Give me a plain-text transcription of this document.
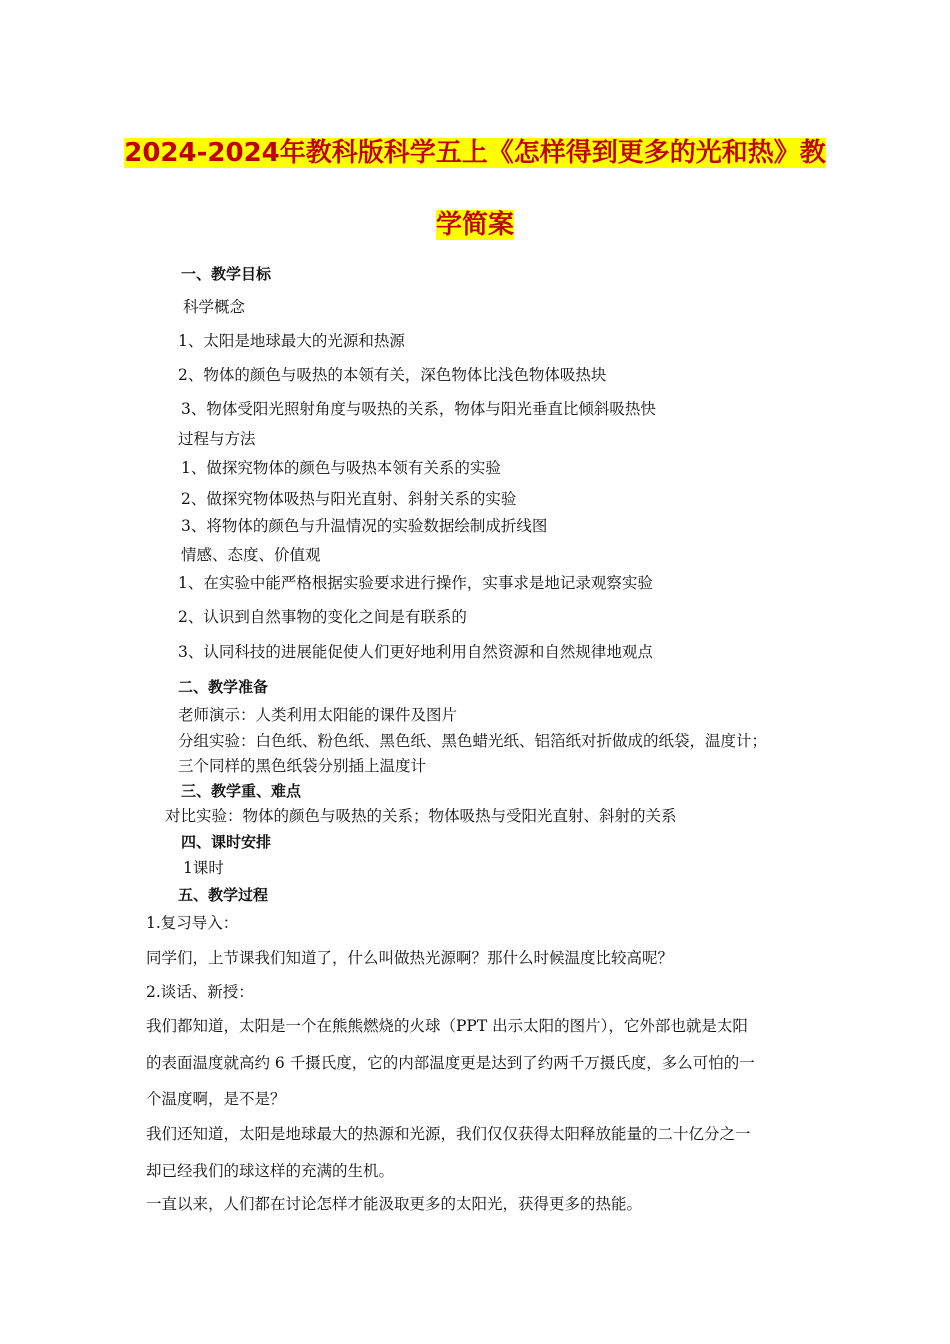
2024-2024年教科版科学五上《怎样得到更多的光和热》教
学简案
一、教学目标
科学概念
1、太阳是地球最大的光源和热源
2、物体的颜色与吸热的本领有关，深色物体比浅色物体吸热块
3、物体受阳光照射角度与吸热的关系，物体与阳光垂直比倾斜吸热快
过程与方法
1、做探究物体的颜色与吸热本领有关系的实验
2、做探究物体吸热与阳光直射、斜射关系的实验
3、将物体的颜色与升温情况的实验数据绘制成折线图
情感、态度、价值观
1、在实验中能严格根据实验要求进行操作，实事求是地记录观察实验
2、认识到自然事物的变化之间是有联系的
3、认同科技的进展能促使人们更好地利用自然资源和自然规律地观点
二、教学准备
老师演示：人类利用太阳能的课件及图片
分组实验：白色纸、粉色纸、黑色纸、黑色蜡光纸、铝箔纸对折做成的纸袋，温度计；
三个同样的黑色纸袋分别插上温度计
三、教学重、难点
对比实验：物体的颜色与吸热的关系；物体吸热与受阳光直射、斜射的关系
四、课时安排
1课时
五、教学过程
1.复习导入：
同学们，上节课我们知道了，什么叫做热光源啊？那什么时候温度比较高呢？
2.谈话、新授：
我们都知道，太阳是一个在熊熊燃烧的火球（PPT 出示太阳的图片），它外部也就是太阳
的表面温度就高约 6 千摄氏度，它的内部温度更是达到了约两千万摄氏度，多么可怕的一
个温度啊，是不是？
我们还知道，太阳是地球最大的热源和光源，我们仅仅获得太阳释放能量的二十亿分之一
却已经我们的球这样的充满的生机。
一直以来，人们都在讨论怎样才能汲取更多的太阳光，获得更多的热能。
